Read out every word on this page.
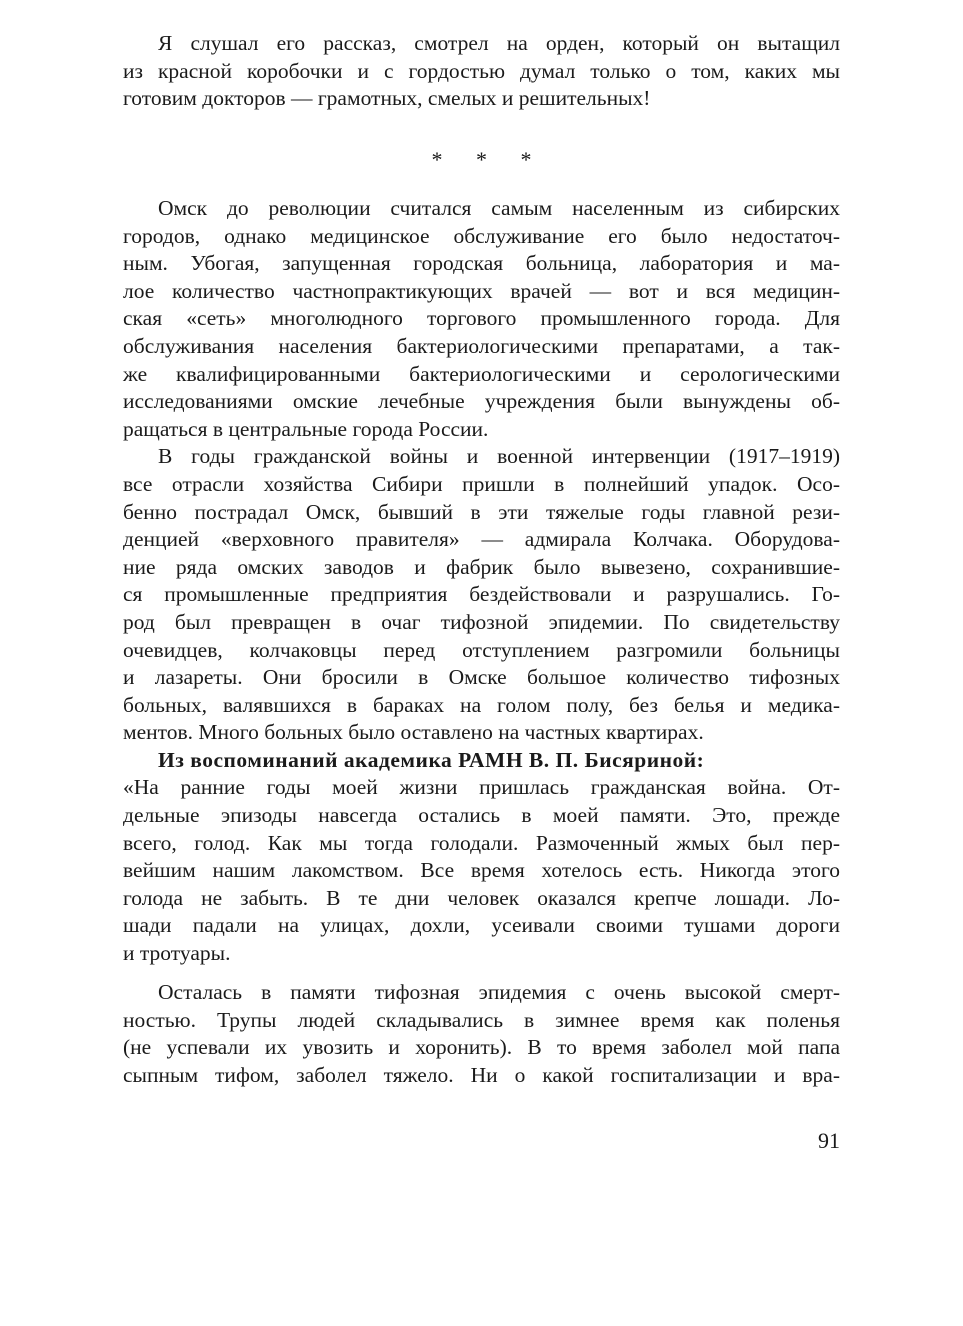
Я слушал его рассказ, смотрел на орден, который он вытащил
из красной коробочки и с гордостью думал только о том, каких мы
готовим докторов — грамотных, смелых и решительных!
* * *
Омск до революции считался самым населенным из сибирских
городов, однако медицинское обслуживание его было недостаточ-
ным. Убогая, запущенная городская больница, лаборатория и ма-
лое количество частнопрактикующих врачей — вот и вся медицин-
ская «сеть» многолюдного торгового промышленного города. Для
обслуживания населения бактериологическими препаратами, а так-
же квалифицированными бактериологическими и серологическими
исследованиями омские лечебные учреждения были вынуждены об-
ращаться в центральные города России.
В годы гражданской войны и военной интервенции (1917–1919)
все отрасли хозяйства Сибири пришли в полнейший упадок. Осо-
бенно пострадал Омск, бывший в эти тяжелые годы главной рези-
денцией «верховного правителя» — адмирала Колчака. Оборудова-
ние ряда омских заводов и фабрик было вывезено, сохранившие-
ся промышленные предприятия бездействовали и разрушались. Го-
род был превращен в очаг тифозной эпидемии. По свидетельству
очевидцев, колчаковцы перед отступлением разгромили больницы
и лазареты. Они бросили в Омске большое количество тифозных
больных, валявшихся в бараках на голом полу, без белья и медика-
ментов. Много больных было оставлено на частных квартирах.
Из воспоминаний академика РАМН В. П. Бисяриной:
«На ранние годы моей жизни пришлась гражданская война. От-
дельные эпизоды навсегда остались в моей памяти. Это, прежде
всего, голод. Как мы тогда голодали. Размоченный жмых был пер-
вейшим нашим лакомством. Все время хотелось есть. Никогда этого
голода не забыть. В те дни человек оказался крепче лошади. Ло-
шади падали на улицах, дохли, усеивали своими тушами дороги
и тротуары.
Осталась в памяти тифозная эпидемия с очень высокой смерт-
ностью. Трупы людей складывались в зимнее время как поленья
(не успевали их увозить и хоронить). В то время заболел мой папа
сыпным тифом, заболел тяжело. Ни о какой госпитализации и вра-
91
